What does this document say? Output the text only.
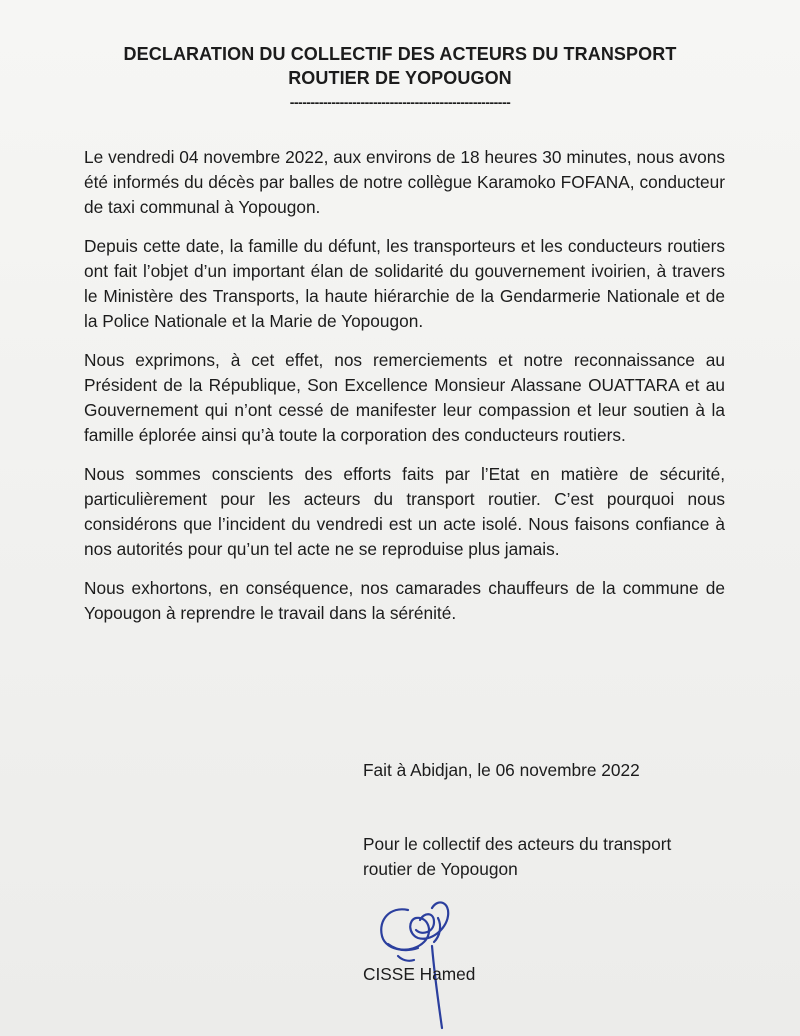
DECLARATION DU COLLECTIF DES ACTEURS DU TRANSPORT
ROUTIER DE YOPOUGON
-----------------------------------------------------

Le vendredi 04 novembre 2022, aux environs de 18 heures 30 minutes, nous avons été informés du décès par balles de notre collègue Karamoko FOFANA, conducteur de taxi communal à Yopougon.

Depuis cette date, la famille du défunt, les transporteurs et les conducteurs routiers ont fait l’objet d’un important élan de solidarité du gouvernement ivoirien, à travers le Ministère des Transports, la haute hiérarchie de la Gendarmerie Nationale et de la Police Nationale et la Marie de Yopougon.

Nous exprimons, à cet effet, nos remerciements et notre reconnaissance au Président de la République, Son Excellence Monsieur Alassane OUATTARA et au Gouvernement qui n’ont cessé de manifester leur compassion et leur soutien à la famille éplorée ainsi qu’à toute la corporation des conducteurs routiers.

Nous sommes conscients des efforts faits par l’Etat en matière de sécurité, particulièrement pour les acteurs du transport routier. C’est pourquoi nous considérons que l’incident du vendredi est un acte isolé. Nous faisons confiance à nos autorités pour qu’un tel acte ne se reproduise plus jamais.

Nous exhortons, en conséquence, nos camarades chauffeurs de la commune de Yopougon à reprendre le travail dans la sérénité.

Fait à Abidjan, le 06 novembre 2022
Pour le collectif des acteurs du transport
routier de Yopougon
CISSE Hamed
